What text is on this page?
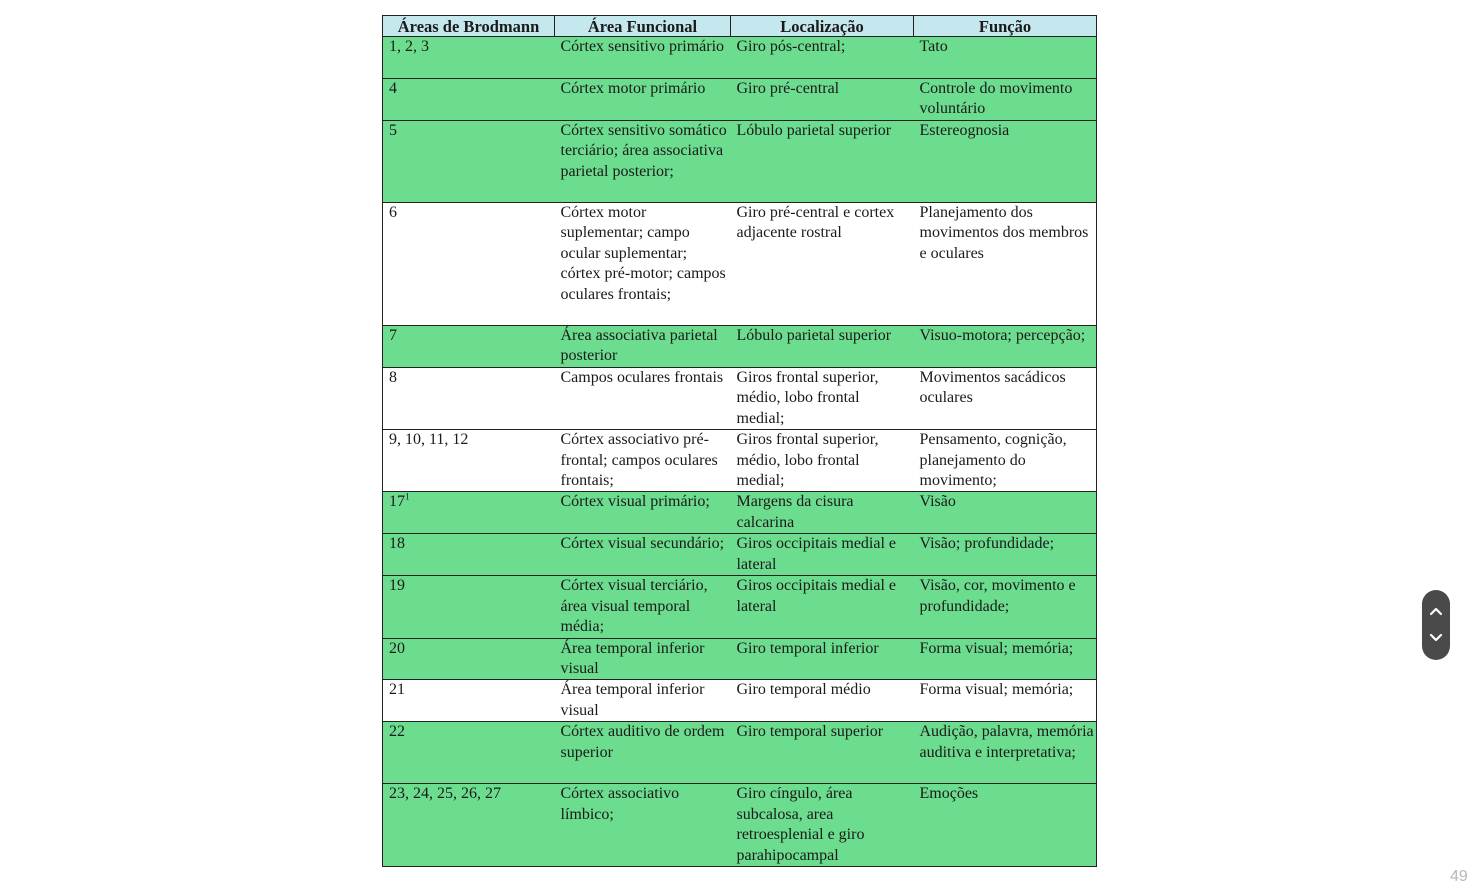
Áreas de Brodmann	Área Funcional	Localização	Função
1, 2, 3	Córtex sensitivo primário	Giro pós-central;	Tato
4	Córtex motor primário	Giro pré-central	Controle do movimento voluntário
5	Córtex sensitivo somático terciário; área associativa parietal posterior;	Lóbulo parietal superior	Estereognosia
6	Córtex motor suplementar; campo ocular suplementar; córtex pré-motor; campos oculares frontais;	Giro pré-central e cortex adjacente rostral	Planejamento dos movimentos dos membros e oculares
7	Área associativa parietal posterior	Lóbulo parietal superior	Visuo-motora; percepção;
8	Campos oculares frontais	Giros frontal superior, médio, lobo frontal medial;	Movimentos sacádicos oculares
9, 10, 11, 12	Córtex associativo pré-frontal; campos oculares frontais;	Giros frontal superior, médio, lobo frontal medial;	Pensamento, cognição, planejamento do movimento;
$17^1$	Córtex visual primário;	Margens da cisura calcarina	Visão
18	Córtex visual secundário;	Giros occipitais medial e lateral	Visão; profundidade;
19	Córtex visual terciário, área visual temporal média;	Giros occipitais medial e lateral	Visão, cor, movimento e profundidade;
20	Área temporal inferior visual	Giro temporal inferior	Forma visual; memória;
21	Área temporal inferior visual	Giro temporal médio	Forma visual; memória;
22	Córtex auditivo de ordem superior	Giro temporal superior	Audição, palavra, memória auditiva e interpretativa;
23, 24, 25, 26, 27	Córtex associativo límbico;	Giro cíngulo, área subcalosa, area retroesplenial e giro parahipocampal	Emoções
49
